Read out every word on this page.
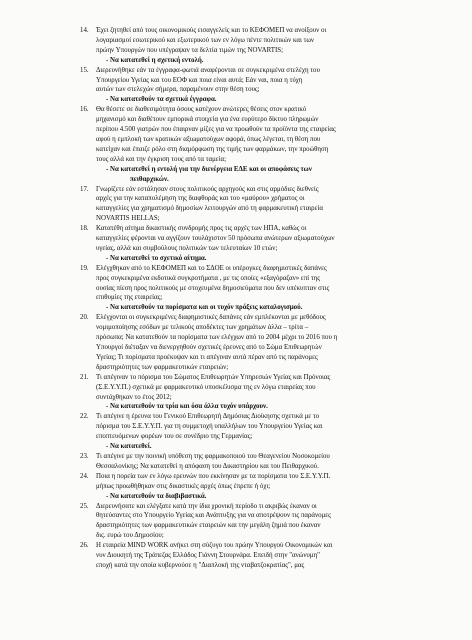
14. Έχει ζητηθεί από τους οικονομικούς εισαγγελείς και το ΚΕΦΟΜΕΠ να ανοίξουν οι
λογαριασμοί εσωτερικού και εξωτερικού των εν λόγω πέντε πολιτικών και των
πρώην Υπουργών που υπέγραψαν τα δελτία τιμών της NOVARTIS;
- Να κατατεθεί η σχετική εντολή.
15. Διερευνήθηκε εάν τα έγγραφα-φωτιά αναφέρονται σε συγκεκριμένα στελέχη του
Υπουργείου Υγείας και του ΕΟΦ και ποια είναι αυτά; Εάν ναι, ποια η τύχη
αυτών των στελεχών σήμερα, παραμένουν στην θέση τους;
- Να κατατεθούν τα σχετικά έγγραφα.
16. Θα θέσετε σε διαθεσιμότητα όσους κατέχουν ανώτερες θέσεις στον κρατικό
μηχανισμό και διαθέτουν εμπορικά στοιχεία για ένα ευρύτερο δίκτυο πληρωμών
περίπου 4.500 γιατρών που έπαιρναν μίζες για να προωθούν τα προϊόντα της εταιρείας
αφού η εμπλοκή των κρατικών αξιωματούχων αφορά, όπως λέγεται, τη θέση που
κατείχαν και έπαιζε ρόλο στη διαμόρφωση της τιμής των φαρμάκων, την προώθηση
τους αλλά και την έγκριση τους από τα ταμεία;
- Να κατατεθεί η εντολή για την διενέργεια ΕΔΕ και οι αποφάσεις των
πειθαρχικών.
17. Γνωρίζετε εάν εστάλησαν στους πολιτικούς αρχηγούς και στις αρμόδιες διεθνείς
αρχές για την καταπολέμηση της διαφθοράς και του «μαύρου» χρήματος οι
καταγγελίες για χρηματισμό δημοσίων λειτουργών από τη φαρμακευτική εταιρεία
NOVARTIS HELLAS;
18. Κατατέθη αίτημα δικαστικής συνδρομής προς τις αρχές των ΗΠΑ, καθώς οι
καταγγελίες φέρονται να αγγίζουν τουλάχιστον 50 πρόσωπα ανώτερων αξιωματούχων
υγείας, αλλά και συμβούλους πολιτικών των τελευταίων 10 ετών;
- Να κατατεθεί το σχετικό αίτημα.
19. Ελέγχθηκαν από το ΚΕΦΟΜΕΠ και το ΣΔΟΕ οι υπέρογκες διαφημιστικές δαπάνες
προς συγκεκριμένα εκδοτικά συγκροτήματα , με τις οποίες «εξαγόραζαν» επί της
ουσίας πίεση προς πολιτικούς με στοχευμένα δημοσιεύματα που δεν υπέκυπταν στις
επιθυμίες της εταιρείας;
- Να κατατεθούν τα πορίσματα και οι τυχόν πράξεις καταλογισμού.
20. Ελέγχονται οι συγκεκριμένες διαφημιστικές δαπάνες εάν εμπλέκονται με μεθόδους
νομιμοποίησης εσόδων με τελικούς αποδέκτες των χρημάτων άλλα – τρίτα –
πρόσωπα; Να κατατεθούν τα πορίσματα των ελέγχων από το 2004 μέχρι το 2016 που η
Υπουργοί διέταξαν να διενεργηθούν σχετικές έρευνες από το Σώμα Επιθεωρητών
Υγείας; Τι πορίσματα προέκυψαν και τι απέγιναν αυτά πέραν από τις παράνομες
δραστηριότητες των φαρμακευτικών εταιρειών;
21. Τι απέγιναν το πόρισμα του Σώματος Επιθεωρητών Υπηρεσιών Υγείας και Πρόνοιας
(Σ.Ε.Υ.Υ.Π.) σχετικά με φαρμακευτικό υποσκέλισμα της εν λόγω εταιρείας που
συντάχθηκαν το έτος 2012;
- Να κατατεθούν τα τρία και όσα άλλα τυχόν υπάρχουν.
22. Τι απέγινε η έρευνα του Γενικού Επιθεωρητή Δημόσιας Διοίκησης σχετικά με το
πόρισμα του Σ.Ε.Υ.Υ.Π. για τη συμμετοχή υπαλλήλων του Υπουργείου Υγείας και
εποπτευόμενων φορέων του σε συνέδριο της Γερμανίας;
- Να κατατεθεί.
23. Τι απέγινε με την ποινική υπόθεση της φαρμακοποιού του Θεαγενείου Νοσοκομείου
Θεσσαλονίκης; Να κατατεθεί η απόφαση του Δικαστηρίου και του Πειθαρχικού.
24. Ποια η πορεία των εν λόγω ερευνών που εκκίνησαν με τα πορίσματα του Σ.Ε.Υ.Υ.Π.
μήπως προωθήθηκαν στις δικαστικές αρχές όπως έπρεπε ή όχι;
- Να κατατεθούν τα διαβιβαστικά.
25. Διερευνήσατε και ελέγξατε κατά την ίδια χρονική περίοδο τι ακριβώς έκαναν οι
θητεύσαντες στο Υπουργείο Υγείας και Ανάπτυξης για να αποτρέψουν τις παράνομες
δραστηριότητες των φαρμακευτικών εταιρειών και την μεγάλη ζημιά που έκαναν
δις. ευρώ του Δημοσίου;
26. Η εταιρεία MIND WORK ανήκει στη σύζυγο του πρώην Υπουργού Οικονομικών και
νυν Διοικητή της Τράπεζας Ελλάδος Γιάννη Στουρνάρα. Επειδή στην "ανώνυμη"
εποχή κατά την οποία κυβερνούσε η "Διαπλοκή της νταβατζοκρατίας", μας
